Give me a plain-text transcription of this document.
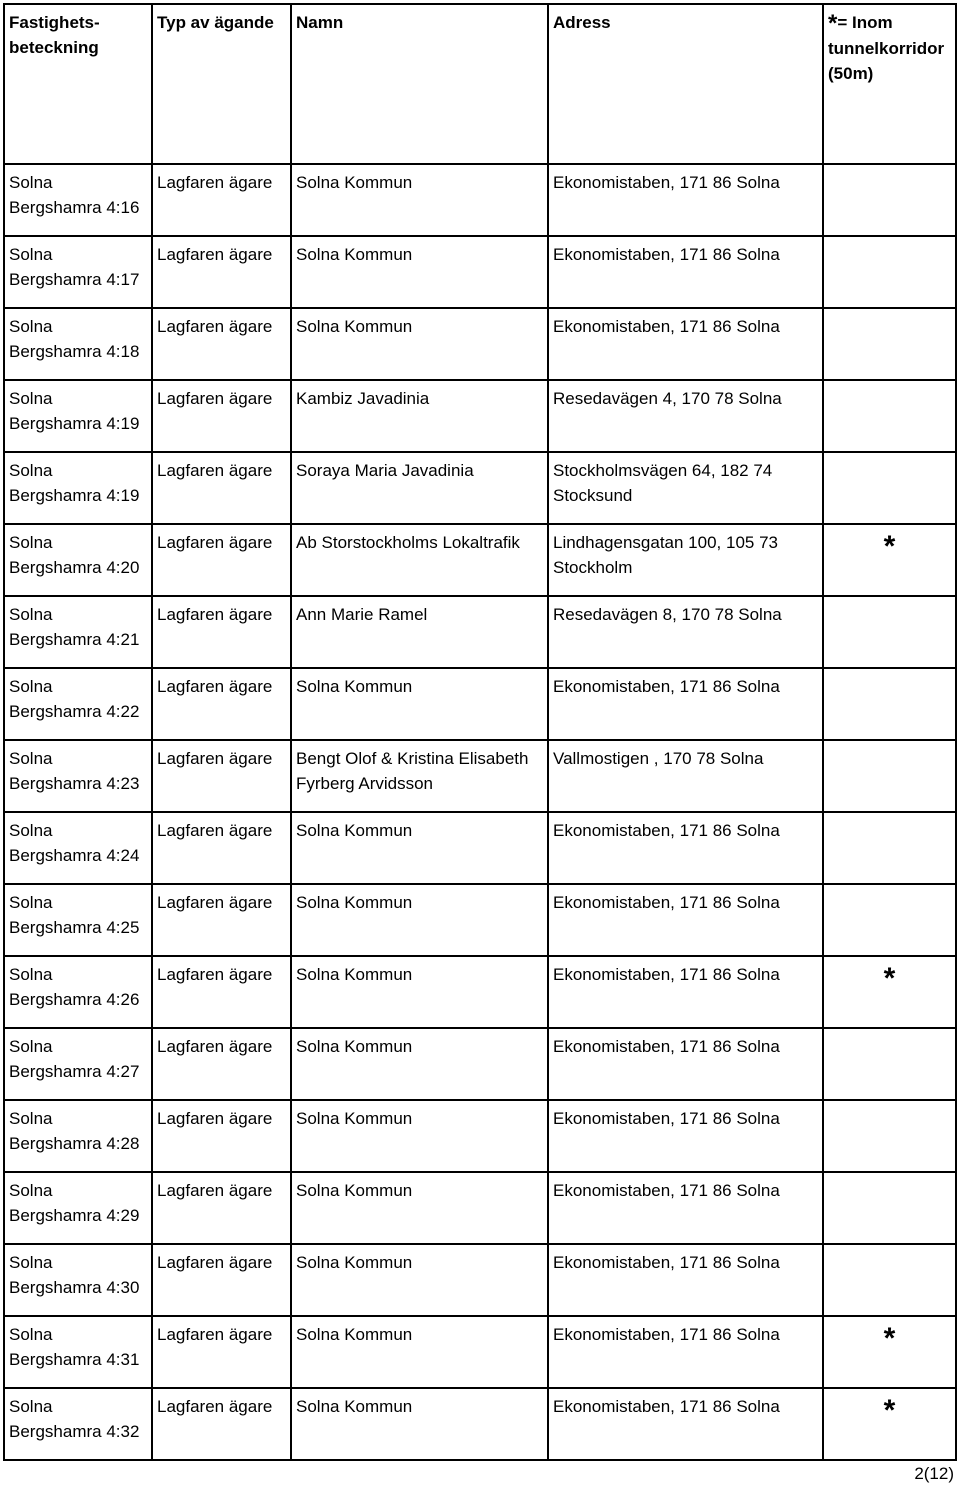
Fastighets-
beteckning	Typ av ägande	Namn	Adress	*= Inom
tunnelkorridor
(50m)

Solna
Bergshamra 4:16	Lagfaren ägare	Solna Kommun	Ekonomistaben, 171 86 Solna	

Solna
Bergshamra 4:17	Lagfaren ägare	Solna Kommun	Ekonomistaben, 171 86 Solna	

Solna
Bergshamra 4:18	Lagfaren ägare	Solna Kommun	Ekonomistaben, 171 86 Solna	

Solna
Bergshamra 4:19	Lagfaren ägare	Kambiz Javadinia	Resedavägen 4, 170 78 Solna	

Solna
Bergshamra 4:19	Lagfaren ägare	Soraya Maria Javadinia	Stockholmsvägen 64, 182 74
Stocksund	

Solna
Bergshamra 4:20	Lagfaren ägare	Ab Storstockholms Lokaltrafik	Lindhagensgatan 100, 105 73
Stockholm	*

Solna
Bergshamra 4:21	Lagfaren ägare	Ann Marie Ramel	Resedavägen 8, 170 78 Solna	

Solna
Bergshamra 4:22	Lagfaren ägare	Solna Kommun	Ekonomistaben, 171 86 Solna	

Solna
Bergshamra 4:23	Lagfaren ägare	Bengt Olof & Kristina Elisabeth
Fyrberg Arvidsson	Vallmostigen , 170 78 Solna	

Solna
Bergshamra 4:24	Lagfaren ägare	Solna Kommun	Ekonomistaben, 171 86 Solna	

Solna
Bergshamra 4:25	Lagfaren ägare	Solna Kommun	Ekonomistaben, 171 86 Solna	

Solna
Bergshamra 4:26	Lagfaren ägare	Solna Kommun	Ekonomistaben, 171 86 Solna	*

Solna
Bergshamra 4:27	Lagfaren ägare	Solna Kommun	Ekonomistaben, 171 86 Solna	

Solna
Bergshamra 4:28	Lagfaren ägare	Solna Kommun	Ekonomistaben, 171 86 Solna	

Solna
Bergshamra 4:29	Lagfaren ägare	Solna Kommun	Ekonomistaben, 171 86 Solna	

Solna
Bergshamra 4:30	Lagfaren ägare	Solna Kommun	Ekonomistaben, 171 86 Solna	

Solna
Bergshamra 4:31	Lagfaren ägare	Solna Kommun	Ekonomistaben, 171 86 Solna	*

Solna
Bergshamra 4:32	Lagfaren ägare	Solna Kommun	Ekonomistaben, 171 86 Solna	*
2(12)
